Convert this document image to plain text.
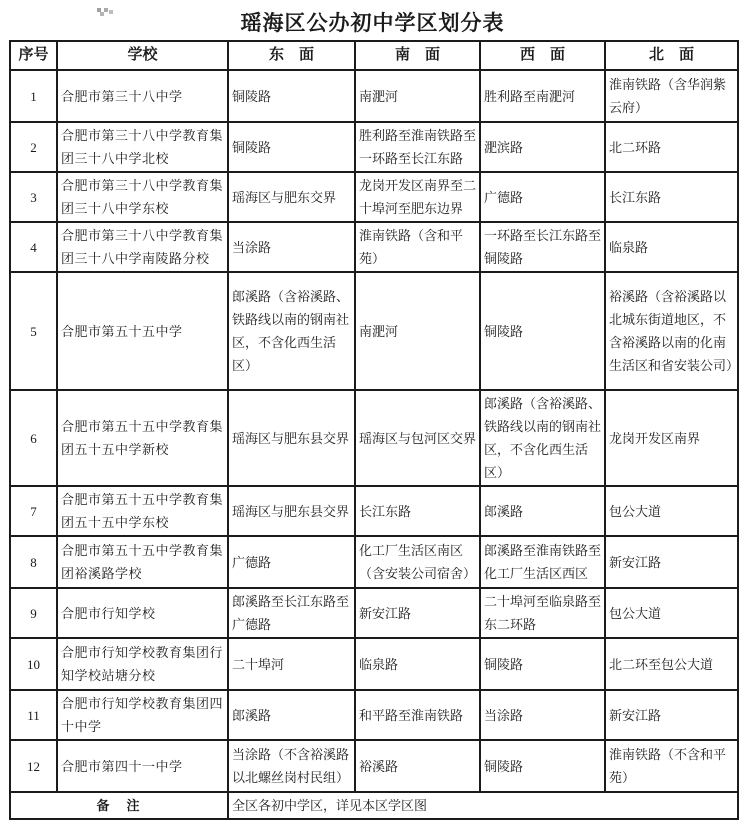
瑶海区公办初中学区划分表
序号	学校	东　面	南　面	西　面	北　面
1	合肥市第三十八中学	铜陵路	南淝河	胜利路至南淝河	淮南铁路（含华润紫云府）
2	合肥市第三十八中学教育集团三十八中学北校	铜陵路	胜利路至淮南铁路至一环路至长江东路	淝滨路	北二环路
3	合肥市第三十八中学教育集团三十八中学东校	瑶海区与肥东交界	龙岗开发区南界至二十埠河至肥东边界	广德路	长江东路
4	合肥市第三十八中学教育集团三十八中学南陵路分校	当涂路	淮南铁路（含和平苑）	一环路至长江东路至铜陵路	临泉路
5	合肥市第五十五中学	郎溪路（含裕溪路、铁路线以南的钢南社区，不含化西生活区）	南淝河	铜陵路	裕溪路（含裕溪路以北城东街道地区，不含裕溪路以南的化南生活区和省安装公司）
6	合肥市第五十五中学教育集团五十五中学新校	瑶海区与肥东县交界	瑶海区与包河区交界	郎溪路（含裕溪路、铁路线以南的钢南社区，不含化西生活区）	龙岗开发区南界
7	合肥市第五十五中学教育集团五十五中学东校	瑶海区与肥东县交界	长江东路	郎溪路	包公大道
8	合肥市第五十五中学教育集团裕溪路学校	广德路	化工厂生活区南区（含安装公司宿舍）	郎溪路至淮南铁路至化工厂生活区西区	新安江路
9	合肥市行知学校	郎溪路至长江东路至广德路	新安江路	二十埠河至临泉路至东二环路	包公大道
10	合肥市行知学校教育集团行知学校站塘分校	二十埠河	临泉路	铜陵路	北二环至包公大道
11	合肥市行知学校教育集团四十中学	郎溪路	和平路至淮南铁路	当涂路	新安江路
12	合肥市第四十一中学	当涂路（不含裕溪路以北螺丝岗村民组）	裕溪路	铜陵路	淮南铁路（不含和平苑）
备　注		全区各初中学区，详见本区学区图			
